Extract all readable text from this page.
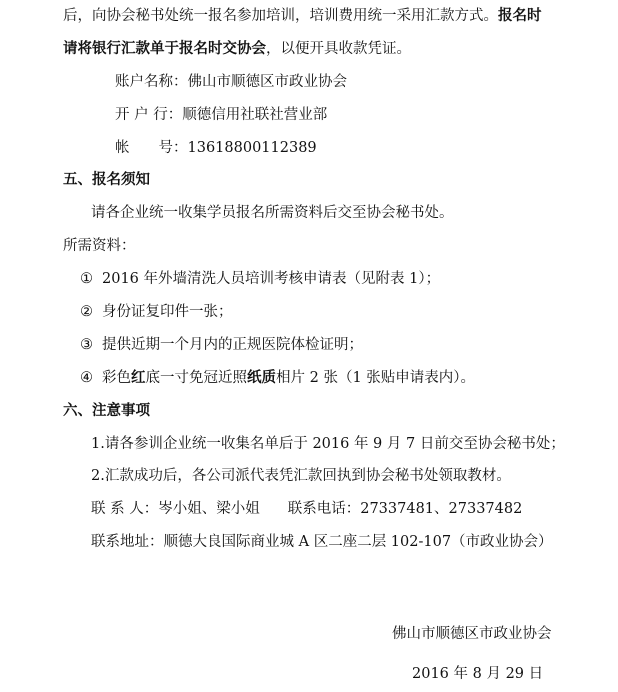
后，向协会秘书处统一报名参加培训，培训费用统一采用汇款方式。报名时
请将银行汇款单于报名时交协会，以便开具收款凭证。
账户名称：佛山市顺德区市政业协会
开 户 行：顺德信用社联社营业部
帐　　号：13618800112389
五、报名须知
请各企业统一收集学员报名所需资料后交至协会秘书处。
所需资料：
① 2016 年外墙清洗人员培训考核申请表（见附表 1）；
② 身份证复印件一张；
③ 提供近期一个月内的正规医院体检证明；
④ 彩色红底一寸免冠近照纸质相片 2 张（1 张贴申请表内）。
六、注意事项
1.请各参训企业统一收集名单后于 2016 年 9 月 7 日前交至协会秘书处；
2.汇款成功后，各公司派代表凭汇款回执到协会秘书处领取教材。
联 系 人：岑小姐、梁小姐 联系电话：27337481、27337482
联系地址：顺德大良国际商业城 A 区二座二层 102-107（市政业协会）
佛山市顺德区市政业协会
2016 年 8 月 29 日
